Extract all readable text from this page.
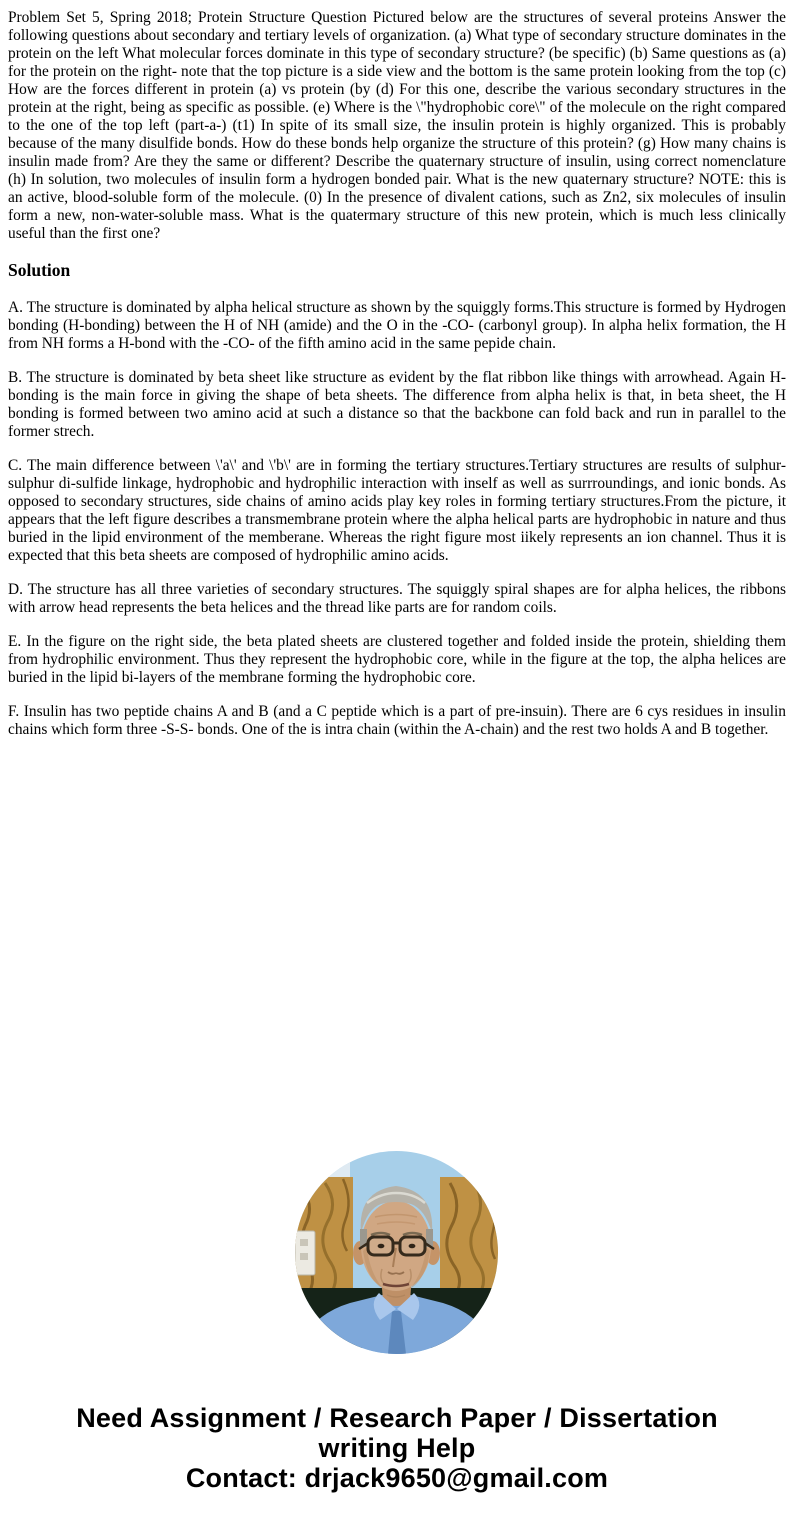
Problem Set 5, Spring 2018; Protein Structure Question Pictured below are the structures of several proteins Answer the following questions about secondary and tertiary levels of organization. (a) What type of secondary structure dominates in the protein on the left What molecular forces dominate in this type of secondary structure? (be specific) (b) Same questions as (a) for the protein on the right- note that the top picture is a side view and the bottom is the same protein looking from the top (c) How are the forces different in protein (a) vs protein (by (d) For this one, describe the various secondary structures in the protein at the right, being as specific as possible. (e) Where is the \"hydrophobic core\" of the molecule on the right compared to the one of the top left (part-a-) (t1) In spite of its small size, the insulin protein is highly organized. This is probably because of the many disulfide bonds. How do these bonds help organize the structure of this protein? (g) How many chains is insulin made from? Are they the same or different? Describe the quaternary structure of insulin, using correct nomenclature (h) In solution, two molecules of insulin form a hydrogen bonded pair. What is the new quaternary structure? NOTE: this is an active, blood-soluble form of the molecule. (0) In the presence of divalent cations, such as Zn2, six molecules of insulin form a new, non-water-soluble mass. What is the quatermary structure of this new protein, which is much less clinically useful than the first one?

Solution

A. The structure is dominated by alpha helical structure as shown by the squiggly forms.This structure is formed by Hydrogen bonding (H-bonding) between the H of NH (amide) and the O in the -CO- (carbonyl group). In alpha helix formation, the H from NH forms a H-bond with the -CO- of the fifth amino acid in the same pepide chain.

B. The structure is dominated by beta sheet like structure as evident by the flat ribbon like things with arrowhead. Again H-bonding is the main force in giving the shape of beta sheets. The difference from alpha helix is that, in beta sheet, the H bonding is formed between two amino acid at such a distance so that the backbone can fold back and run in parallel to the former strech.

C. The main difference between \'a\' and \'b\' are in forming the tertiary structures.Tertiary structures are results of sulphur-sulphur di-sulfide linkage, hydrophobic and hydrophilic interaction with inself as well as surrroundings, and ionic bonds. As opposed to secondary structures, side chains of amino acids play key roles in forming tertiary structures.From the picture, it appears that the left figure describes a transmembrane protein where the alpha helical parts are hydrophobic in nature and thus buried in the lipid environment of the memberane. Whereas the right figure most iikely represents an ion channel. Thus it is expected that this beta sheets are composed of hydrophilic amino acids.

D. The structure has all three varieties of secondary structures. The squiggly spiral shapes are for alpha helices, the ribbons with arrow head represents the beta helices and the thread like parts are for random coils.

E. In the figure on the right side, the beta plated sheets are clustered together and folded inside the protein, shielding them from hydrophilic environment. Thus they represent the hydrophobic core, while in the figure at the top, the alpha helices are buried in the lipid bi-layers of the membrane forming the hydrophobic core.

F. Insulin has two peptide chains A and B (and a C peptide which is a part of pre-insuin). There are 6 cys residues in insulin chains which form three -S-S- bonds. One of the is intra chain (within the A-chain) and the rest two holds A and B together.

Need Assignment / Research Paper / Dissertation
writing Help
Contact: drjack9650@gmail.com
